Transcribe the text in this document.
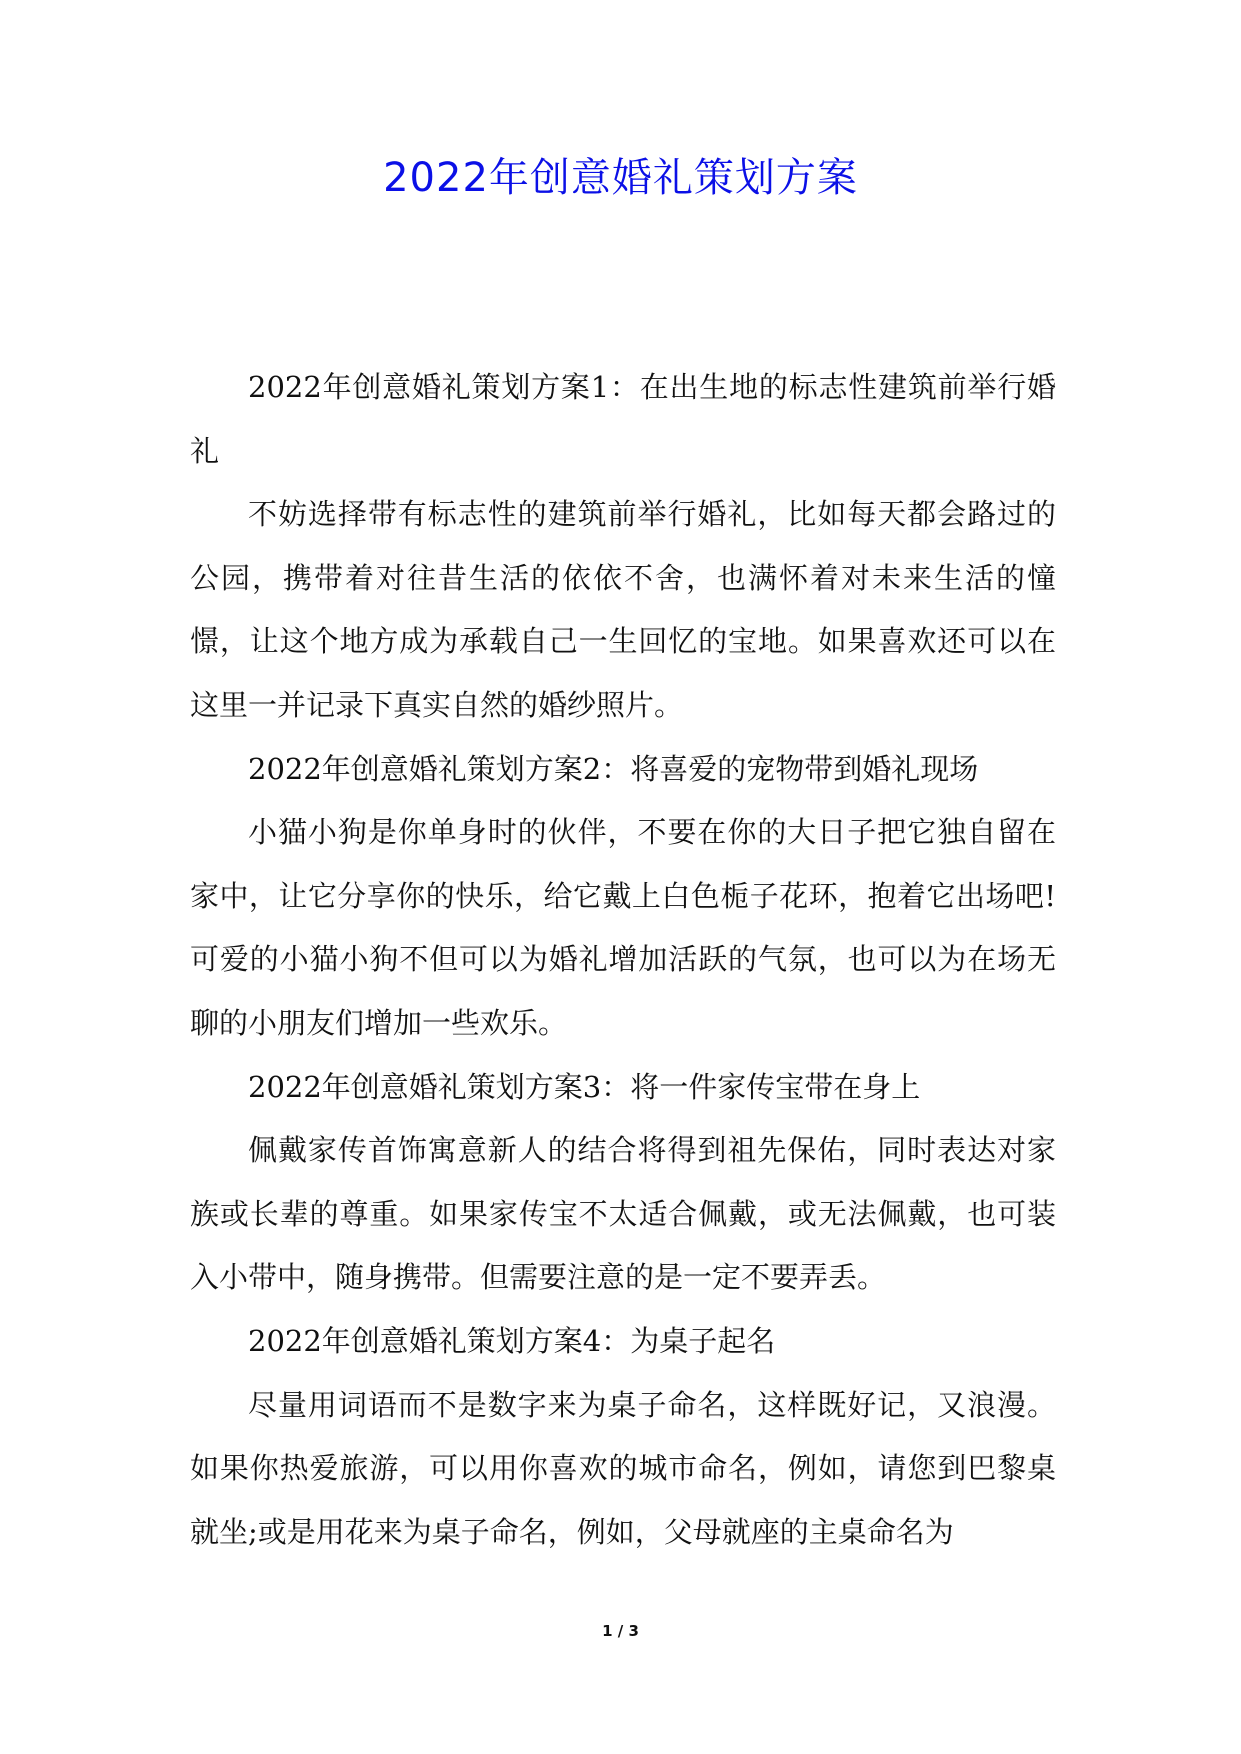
2022年创意婚礼策划方案

2022年创意婚礼策划方案1：在出生地的标志性建筑前举行婚礼

不妨选择带有标志性的建筑前举行婚礼，比如每天都会路过的公园，携带着对往昔生活的依依不舍，也满怀着对未来生活的憧憬，让这个地方成为承载自己一生回忆的宝地。如果喜欢还可以在这里一并记录下真实自然的婚纱照片。

2022年创意婚礼策划方案2：将喜爱的宠物带到婚礼现场

小猫小狗是你单身时的伙伴，不要在你的大日子把它独自留在家中，让它分享你的快乐，给它戴上白色栀子花环，抱着它出场吧!可爱的小猫小狗不但可以为婚礼增加活跃的气氛，也可以为在场无聊的小朋友们增加一些欢乐。

2022年创意婚礼策划方案3：将一件家传宝带在身上

佩戴家传首饰寓意新人的结合将得到祖先保佑，同时表达对家族或长辈的尊重。如果家传宝不太适合佩戴，或无法佩戴，也可装入小带中，随身携带。但需要注意的是一定不要弄丢。

2022年创意婚礼策划方案4：为桌子起名

尽量用词语而不是数字来为桌子命名，这样既好记，又浪漫。如果你热爱旅游，可以用你喜欢的城市命名，例如，请您到巴黎桌就坐;或是用花来为桌子命名，例如，父母就座的主桌命名为

1 / 3
